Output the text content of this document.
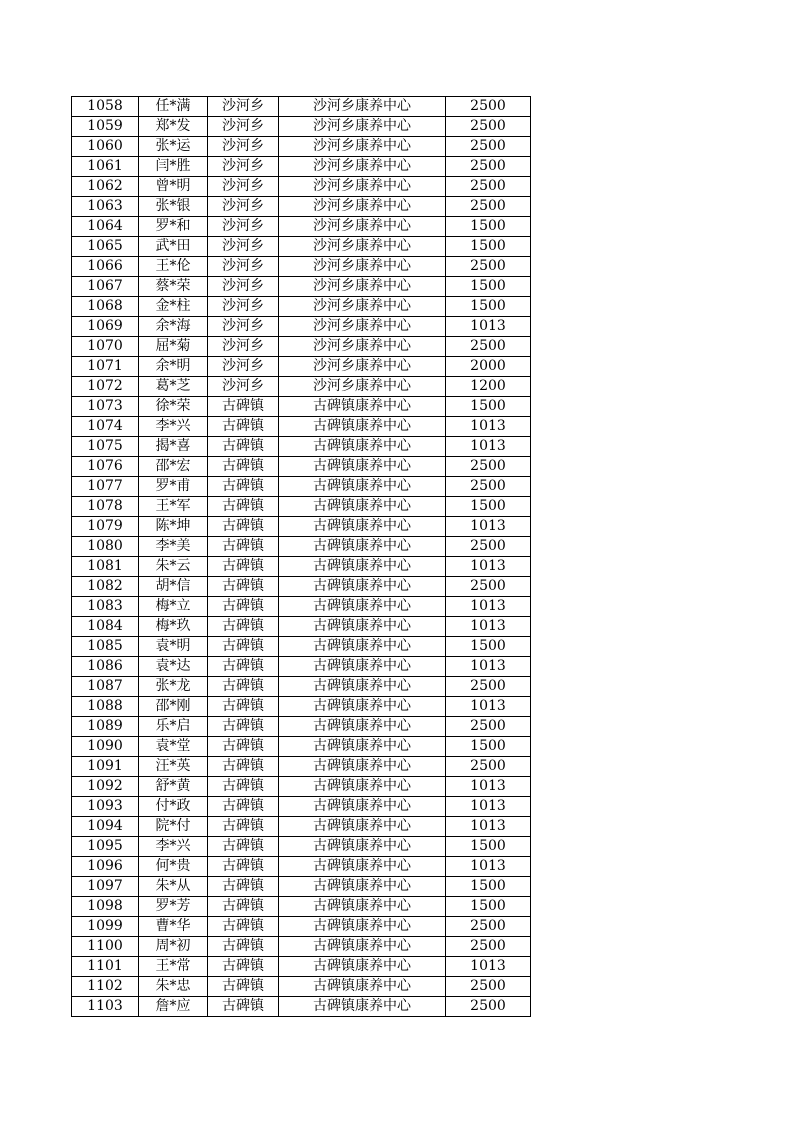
1058	任*满	沙河乡	沙河乡康养中心	2500
1059	郑*发	沙河乡	沙河乡康养中心	2500
1060	张*运	沙河乡	沙河乡康养中心	2500
1061	闫*胜	沙河乡	沙河乡康养中心	2500
1062	曾*明	沙河乡	沙河乡康养中心	2500
1063	张*银	沙河乡	沙河乡康养中心	2500
1064	罗*和	沙河乡	沙河乡康养中心	1500
1065	武*田	沙河乡	沙河乡康养中心	1500
1066	王*伦	沙河乡	沙河乡康养中心	2500
1067	蔡*荣	沙河乡	沙河乡康养中心	1500
1068	金*柱	沙河乡	沙河乡康养中心	1500
1069	余*海	沙河乡	沙河乡康养中心	1013
1070	屈*菊	沙河乡	沙河乡康养中心	2500
1071	余*明	沙河乡	沙河乡康养中心	2000
1072	葛*芝	沙河乡	沙河乡康养中心	1200
1073	徐*荣	古碑镇	古碑镇康养中心	1500
1074	李*兴	古碑镇	古碑镇康养中心	1013
1075	揭*喜	古碑镇	古碑镇康养中心	1013
1076	邵*宏	古碑镇	古碑镇康养中心	2500
1077	罗*甫	古碑镇	古碑镇康养中心	2500
1078	王*军	古碑镇	古碑镇康养中心	1500
1079	陈*坤	古碑镇	古碑镇康养中心	1013
1080	李*美	古碑镇	古碑镇康养中心	2500
1081	朱*云	古碑镇	古碑镇康养中心	1013
1082	胡*信	古碑镇	古碑镇康养中心	2500
1083	梅*立	古碑镇	古碑镇康养中心	1013
1084	梅*玖	古碑镇	古碑镇康养中心	1013
1085	袁*明	古碑镇	古碑镇康养中心	1500
1086	袁*达	古碑镇	古碑镇康养中心	1013
1087	张*龙	古碑镇	古碑镇康养中心	2500
1088	邵*刚	古碑镇	古碑镇康养中心	1013
1089	乐*启	古碑镇	古碑镇康养中心	2500
1090	袁*堂	古碑镇	古碑镇康养中心	1500
1091	汪*英	古碑镇	古碑镇康养中心	2500
1092	舒*黄	古碑镇	古碑镇康养中心	1013
1093	付*政	古碑镇	古碑镇康养中心	1013
1094	院*付	古碑镇	古碑镇康养中心	1013
1095	李*兴	古碑镇	古碑镇康养中心	1500
1096	何*贵	古碑镇	古碑镇康养中心	1013
1097	朱*从	古碑镇	古碑镇康养中心	1500
1098	罗*芳	古碑镇	古碑镇康养中心	1500
1099	曹*华	古碑镇	古碑镇康养中心	2500
1100	周*初	古碑镇	古碑镇康养中心	2500
1101	王*常	古碑镇	古碑镇康养中心	1013
1102	朱*忠	古碑镇	古碑镇康养中心	2500
1103	詹*应	古碑镇	古碑镇康养中心	2500
